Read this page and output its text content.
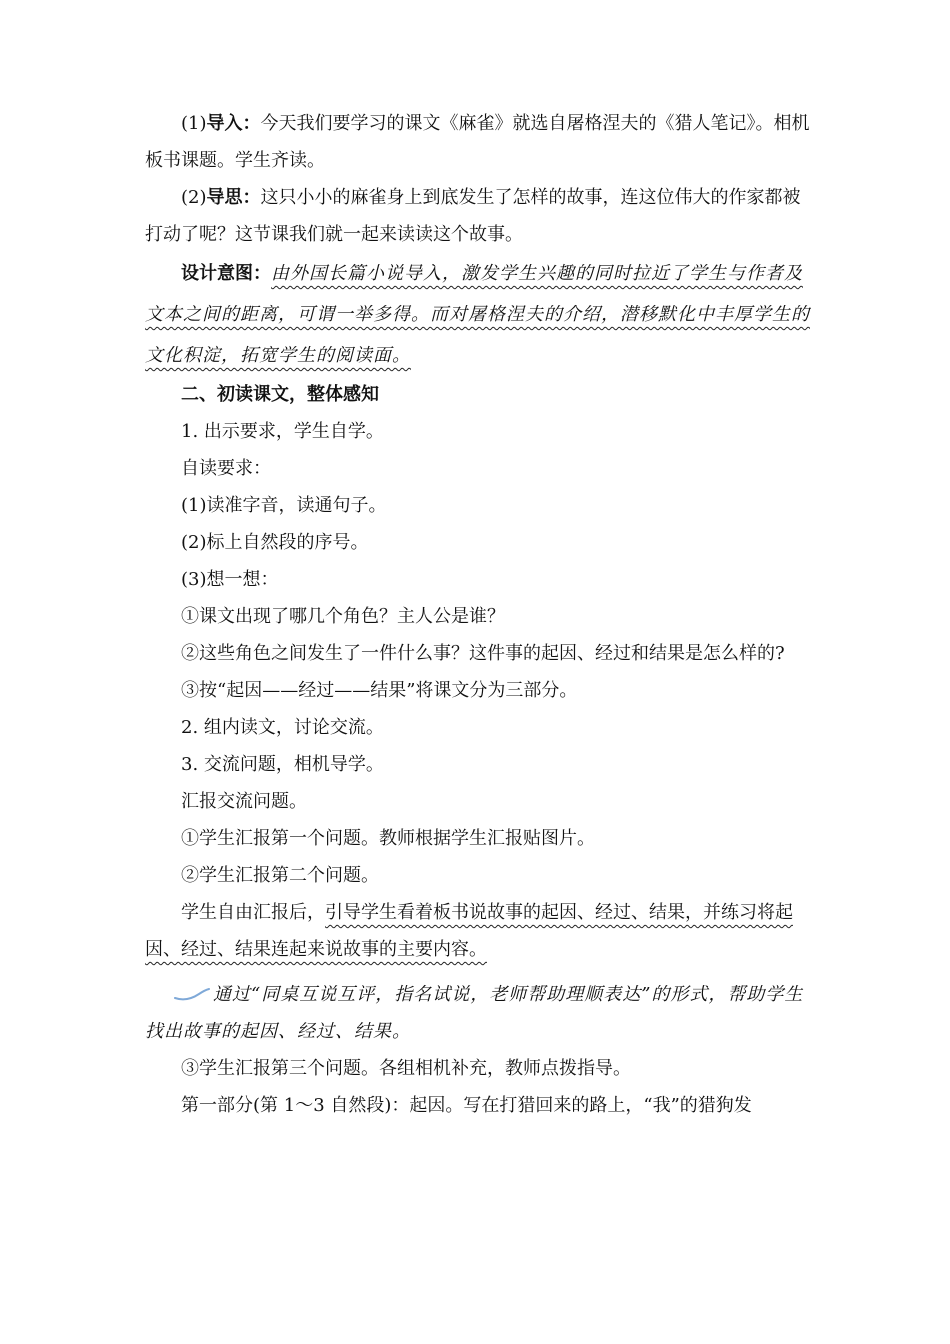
(1)导入：今天我们要学习的课文《麻雀》就选自屠格涅夫的《猎人笔记》。相机板书课题。学生齐读。

(2)导思：这只小小的麻雀身上到底发生了怎样的故事，连这位伟大的作家都被打动了呢？这节课我们就一起来读读这个故事。

设计意图：由外国长篇小说导入，激发学生兴趣的同时拉近了学生与作者及文本之间的距离，可谓一举多得。而对屠格涅夫的介绍，潜移默化中丰厚学生的文化积淀，拓宽学生的阅读面。

二、初读课文，整体感知

1. 出示要求，学生自学。

自读要求：

(1)读准字音，读通句子。

(2)标上自然段的序号。

(3)想一想：

①课文出现了哪几个角色？主人公是谁？

②这些角色之间发生了一件什么事？这件事的起因、经过和结果是怎么样的?

③按“起因——经过——结果”将课文分为三部分。

2. 组内读文，讨论交流。

3. 交流问题，相机导学。

汇报交流问题。

①学生汇报第一个问题。教师根据学生汇报贴图片。

②学生汇报第二个问题。

学生自由汇报后，引导学生看着板书说故事的起因、经过、结果，并练习将起因、经过、结果连起来说故事的主要内容。

通过“同桌互说互评，指名试说，老师帮助理顺表达”的形式，帮助学生找出故事的起因、经过、结果。

③学生汇报第三个问题。各组相机补充，教师点拨指导。

第一部分(第 1～3 自然段)：起因。写在打猎回来的路上，“我”的猎狗发
